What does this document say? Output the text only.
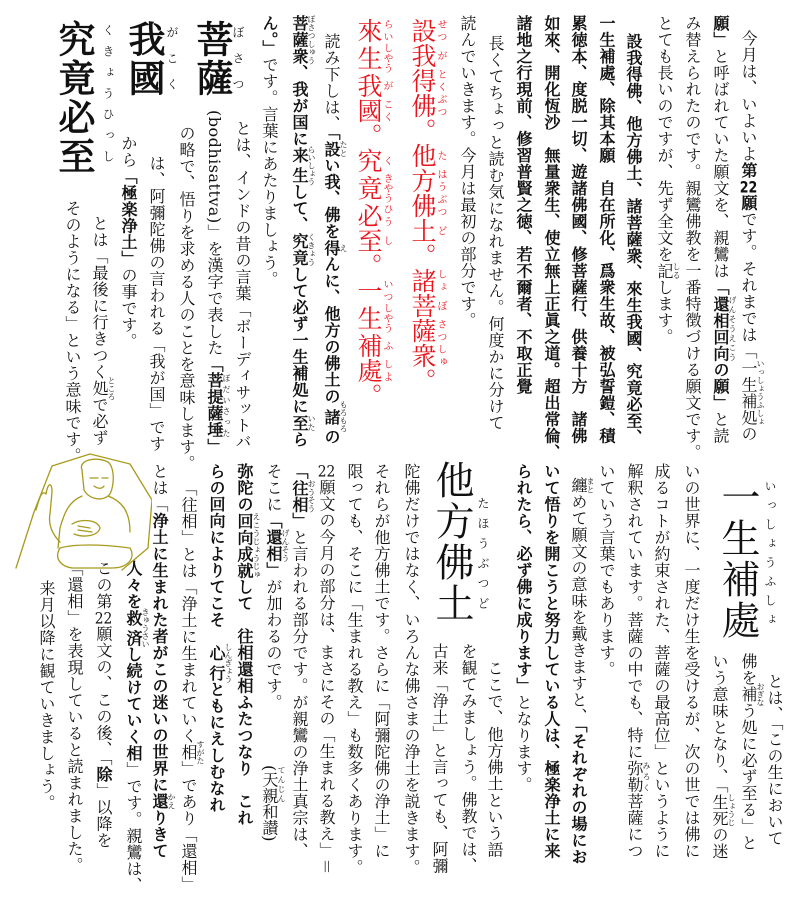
今月は、いよいよ第22願です。それまでは「一生補処いっしょうふしょの
願」と呼ばれていた願文を、親鸞は「還相回向げんそうえこうの願」と読
み替えられたのです。親鸞佛教を一番特徴づける願文です。
とても長いのですが、先ず全文を記しるします。
設我得佛、他方佛土、諸菩薩衆、來生我國、究竟必至、
一生補處、除其本願　自在所化、爲衆生故、被弘誓鎧、積
累徳本、度脱一切、遊諸佛國、修菩薩行、供養十方　諸佛
如來、開化恆沙　無量衆生、使立無上正眞之道。超出常倫、
諸地之行現前、修習普賢之徳、若不爾者、不取正覺
長くてちょっと読む気になれません。何度かに分けて
読んでいきます。今月は最初の部分です。
設せつ我が得とく佛ぶつ。他た方はう佛ぶつ土ど。諸しょ菩ぼ薩さつ衆しゅ。
來らい生しやう我が國こく。究く竟きやう必ひう至し。一いつ生しやう補ふ處しよ。
読み下しは、「設たとい我、佛を得えんに、他方の佛土の諸もろもろの
菩薩衆ぼさつしゅう、我が国に来生らいしょうして、究竟くきょうして必ず一生補処に至いたら
ん。」です。言葉にあたりましょう。
菩薩
ぼさつ
とは、インドの昔の言葉「ボーディサットバ
(bodhisattva)」を漢字で表した「菩提薩埵ぼだいさった」
の略で、悟りを求める人のことを意味します。
我國 がこく
は、阿彌陀佛の言われる「我が国」です
から「極楽浄土」の事です。
究竟必至 くきょうひっし
とは「最後に行きつく処ところで必ず
そのようになる」という意味です。
一生補處 いっしょうふしょ
とは、「この生において
佛を補おぎなう処に必ず至る」と
いう意味となり、「生死しょうじの迷
いの世界に、一度だけ生を受けるが、次の世では佛に
成るコトが約束された、菩薩の最高位」というように
解釈されています。菩薩の中でも、特に弥勒みろく菩薩につ
いていう言葉でもあります。
纏まとめて願文の意味を戴きますと、「それぞれの場にお
いて悟りを開こうと努力している人は、極楽浄土に来
られたら、必ず佛に成ります」となります。
他方佛土 たほうぶつど
ここで、他方佛土という語
を観てみましょう。佛教では、
古来「浄土」と言っても、阿彌
陀佛だけではなく、いろんな佛さまの浄土を説きます。
それらが他方佛土です。さらに「阿彌陀佛の浄土」に
限っても、そこに「生まれる教え」も数多くあります。
22願文の今月の部分は、まさにその「生まれる教え」＝
「往相おうそう」と言われる部分です。が親鸞の浄土真宗は、
そこに「還相げんそう」が加わるのです。
(天親てんじん和讃)
弥陀の回向成就えこうじょうじゅして　往相還相ふたつなり　これ
らの回向によりてこそ　心行しんぎょうともにえしむなれ
「往相」とは「浄土に生まれていく相すがた」であり「還相」
とは「浄土に生まれた者がこの迷いの世界に還かえりきて
人々を救済きゅうさいし続けていく相」です。親鸞は、
この第22願文の、この後、「除」以降を
「還相」を表現していると読まれました。
来月以降に観ていきましょう。
